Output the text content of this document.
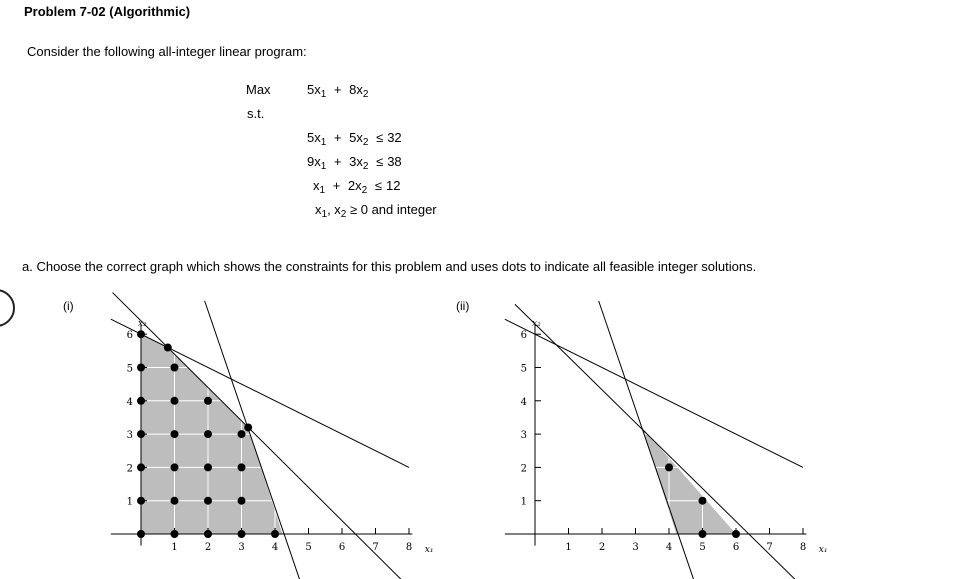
Problem 7-02 (Algorithmic)
Consider the following all-integer linear program:
Max
s.t.
$5x_1 + 8x_2$
$5x_1 + 5x_2 \le 32$
$9x_1 + 3x_2 \le 38$
$x_1 + 2x_2 \le 12$
$x_1$, $x_2 \ge 0$ and integer
a. Choose the correct graph which shows the constraints for this problem and uses dots to indicate all feasible integer solutions.
(i)	(ii)
1	2	3	4	5	6	7	8
1
2
3
4
5
6
x₁
x₂
1	2	3	4	5	6	7	8
1
2
3
4
5
6
x₁
x₂
